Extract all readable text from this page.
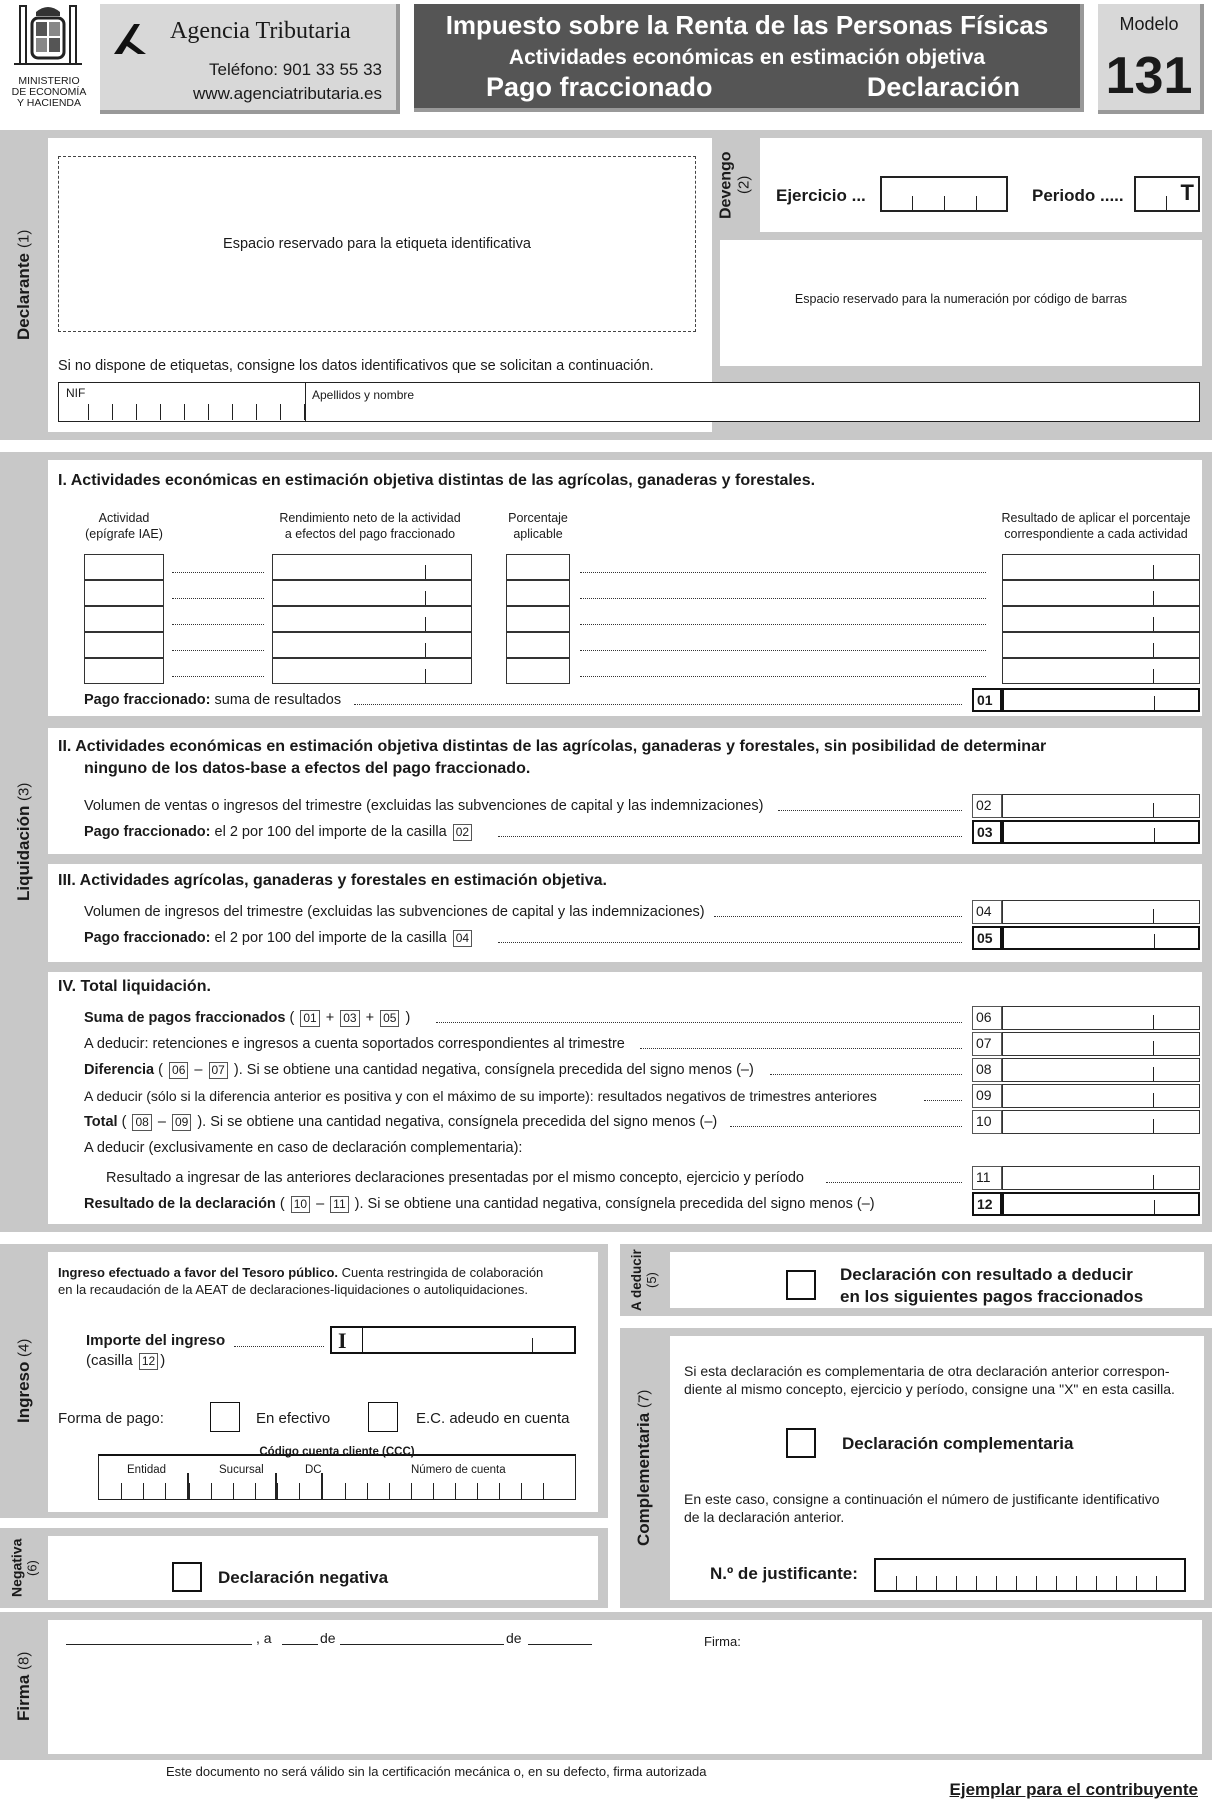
MINISTERIO
DE ECONOMÍA
Y HACIENDA
Agencia Tributaria
Teléfono: 901 33 55 33
www.agenciatributaria.es
Impuesto sobre la Renta de las Personas Físicas
Actividades económicas en estimación objetiva
Pago fraccionado	Declaración
Modelo
131
Declarante

(1)	Espacio reservado para la etiqueta identificativa
Si no dispone de etiquetas, consigne los datos identificativos que se solicitan a continuación.
NIF	Apellidos y nombre
Devengo (2)
Ejercicio ...	Periodo .....	T
Espacio reservado para la numeración por código de barras
Liquidación

(3)
I. Actividades económicas en estimación objetiva distintas de las agrícolas, ganaderas y forestales.
Actividad
(epígrafe IAE)
Rendimiento neto de la actividad
a efectos del pago fraccionado
Porcentaje
aplicable
Resultado de aplicar el porcentaje
correspondiente a cada actividad
Pago fraccionado: suma de resultados	01
II. Actividades económicas en estimación objetiva distintas de las agrícolas, ganaderas y forestales, sin posibilidad de determinar
ninguno de los datos-base a efectos del pago fraccionado.
Volumen de ventas o ingresos del trimestre (excluidas las subvenciones de capital y las indemnizaciones)	02
Pago fraccionado: el 2 por 100 del importe de la casilla 02	03
III. Actividades agrícolas, ganaderas y forestales en estimación objetiva.
Volumen de ingresos del trimestre (excluidas las subvenciones de capital y las indemnizaciones)	04
Pago fraccionado: el 2 por 100 del importe de la casilla 04	05
IV. Total liquidación.
Suma de pagos fraccionados ( 01 + 03 + 05 )	06
A deducir: retenciones e ingresos a cuenta soportados correspondientes al trimestre	07
Diferencia ( 06 – 07 ). Si se obtiene una cantidad negativa, consígnela precedida del signo menos (–)	08
A deducir (sólo si la diferencia anterior es positiva y con el máximo de su importe): resultados negativos de trimestres anteriores	09
Total ( 08 – 09 ). Si se obtiene una cantidad negativa, consígnela precedida del signo menos (–)	10
A deducir (exclusivamente en caso de declaración complementaria):
Resultado a ingresar de las anteriores declaraciones presentadas por el mismo concepto, ejercicio y período	11
Resultado de la declaración ( 10 – 11 ). Si se obtiene una cantidad negativa, consígnela precedida del signo menos (–)	12
Ingreso

(4)
Ingreso efectuado a favor del Tesoro público. Cuenta restringida de colaboración
en la recaudación de la AEAT de declaraciones-liquidaciones o autoliquidaciones.
Importe del ingreso
(casilla 12 )
I
Forma de pago:	En efectivo	E.C. adeudo en cuenta
Código cuenta cliente (CCC)
Entidad	Sucursal	DC	Número de cuenta
Negativa (6)	Declaración negativa
A deducir (5)	Declaración con resultado a deducir
en los siguientes pagos fraccionados
Complementaria

(7)
Si esta declaración es complementaria de otra declaración anterior correspon-
diente al mismo concepto, ejercicio y período, consigne una "X" en esta casilla.
Declaración complementaria
En este caso, consigne a continuación el número de justificante identificativo
de la declaración anterior.
N.º de justificante:
Firma

(8)
, a	de	de	Firma:
Este documento no será válido sin la certificación mecánica o, en su defecto, firma autorizada
Ejemplar para el contribuyente
